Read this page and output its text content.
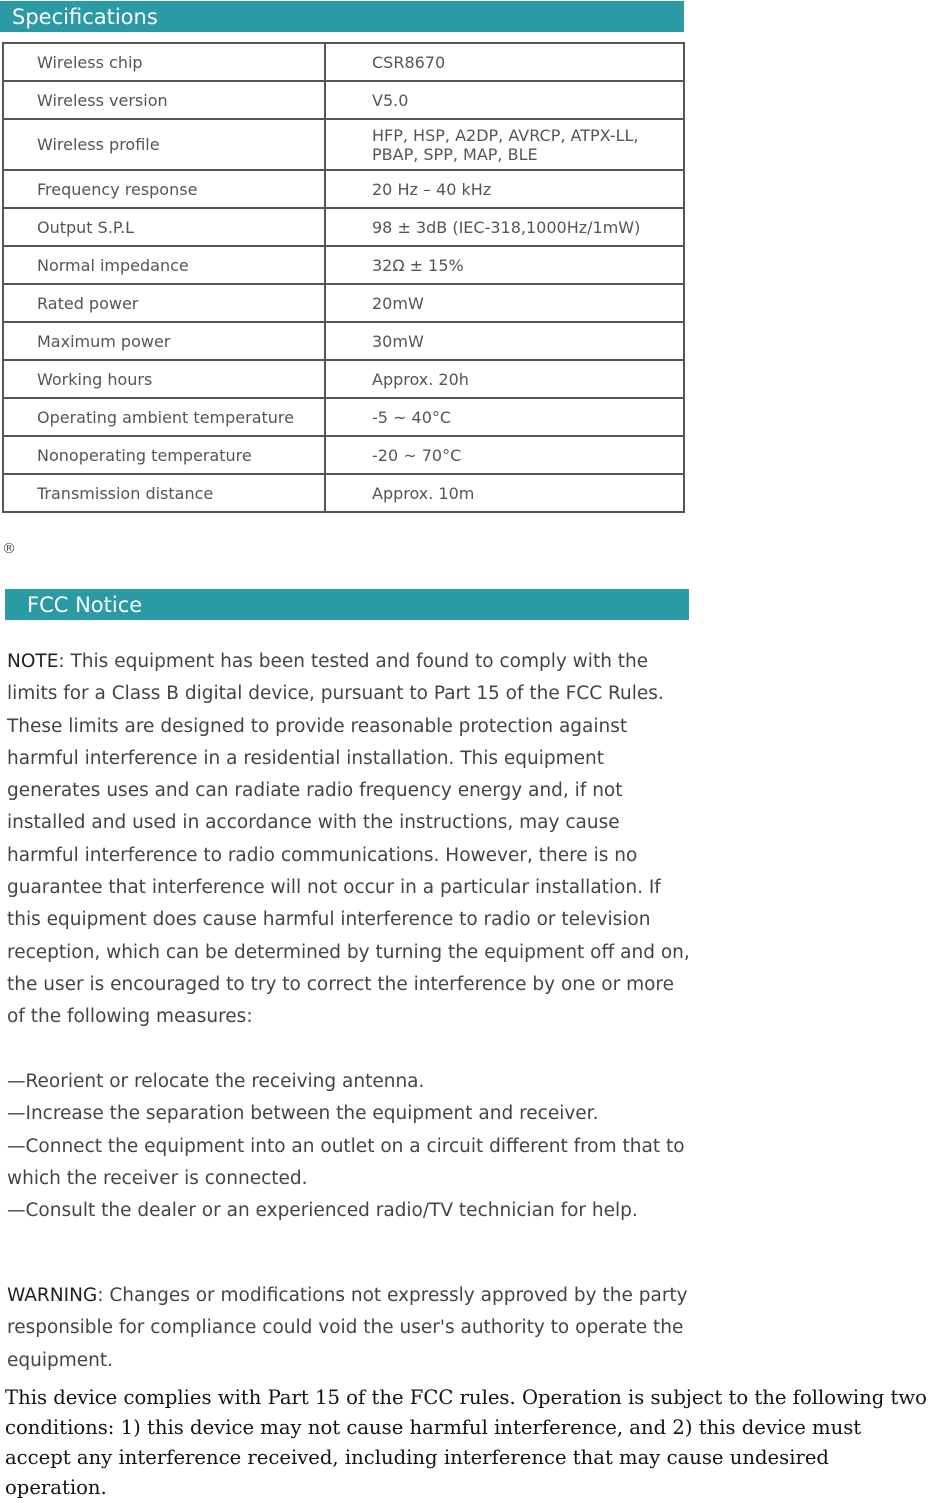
Specifications
Wireless chip	CSR8670
Wireless version	V5.0
Wireless profile	HFP, HSP, A2DP, AVRCP, ATPX-LL, PBAP, SPP, MAP, BLE
Frequency response	20 Hz – 40 kHz
Output S.P.L	98 ± 3dB (IEC-318,1000Hz/1mW)
Normal impedance	32Ω ± 15%
Rated power	20mW
Maximum power	30mW
Working hours	Approx. 20h
Operating ambient temperature	-5 ~ 40°C
Nonoperating temperature	-20 ~ 70°C
Transmission distance	Approx. 10m
®
FCC Notice

NOTE: This equipment has been tested and found to comply with the limits for a Class B digital device, pursuant to Part 15 of the FCC Rules. These limits are designed to provide reasonable protection against harmful interference in a residential installation. This equipment generates uses and can radiate radio frequency energy and, if not installed and used in accordance with the instructions, may cause harmful interference to radio communications. However, there is no guarantee that interference will not occur in a particular installation. If this equipment does cause harmful interference to radio or television reception, which can be determined by turning the equipment off and on, the user is encouraged to try to correct the interference by one or more of the following measures:

—Reorient or relocate the receiving antenna.
—Increase the separation between the equipment and receiver.
—Connect the equipment into an outlet on a circuit different from that to which the receiver is connected.
—Consult the dealer or an experienced radio/TV technician for help.

WARNING: Changes or modifications not expressly approved by the party responsible for compliance could void the user's authority to operate the equipment.

This device complies with Part 15 of the FCC rules. Operation is subject to the following two conditions: 1) this device may not cause harmful interference, and 2) this device must accept any interference received, including interference that may cause undesired operation.
